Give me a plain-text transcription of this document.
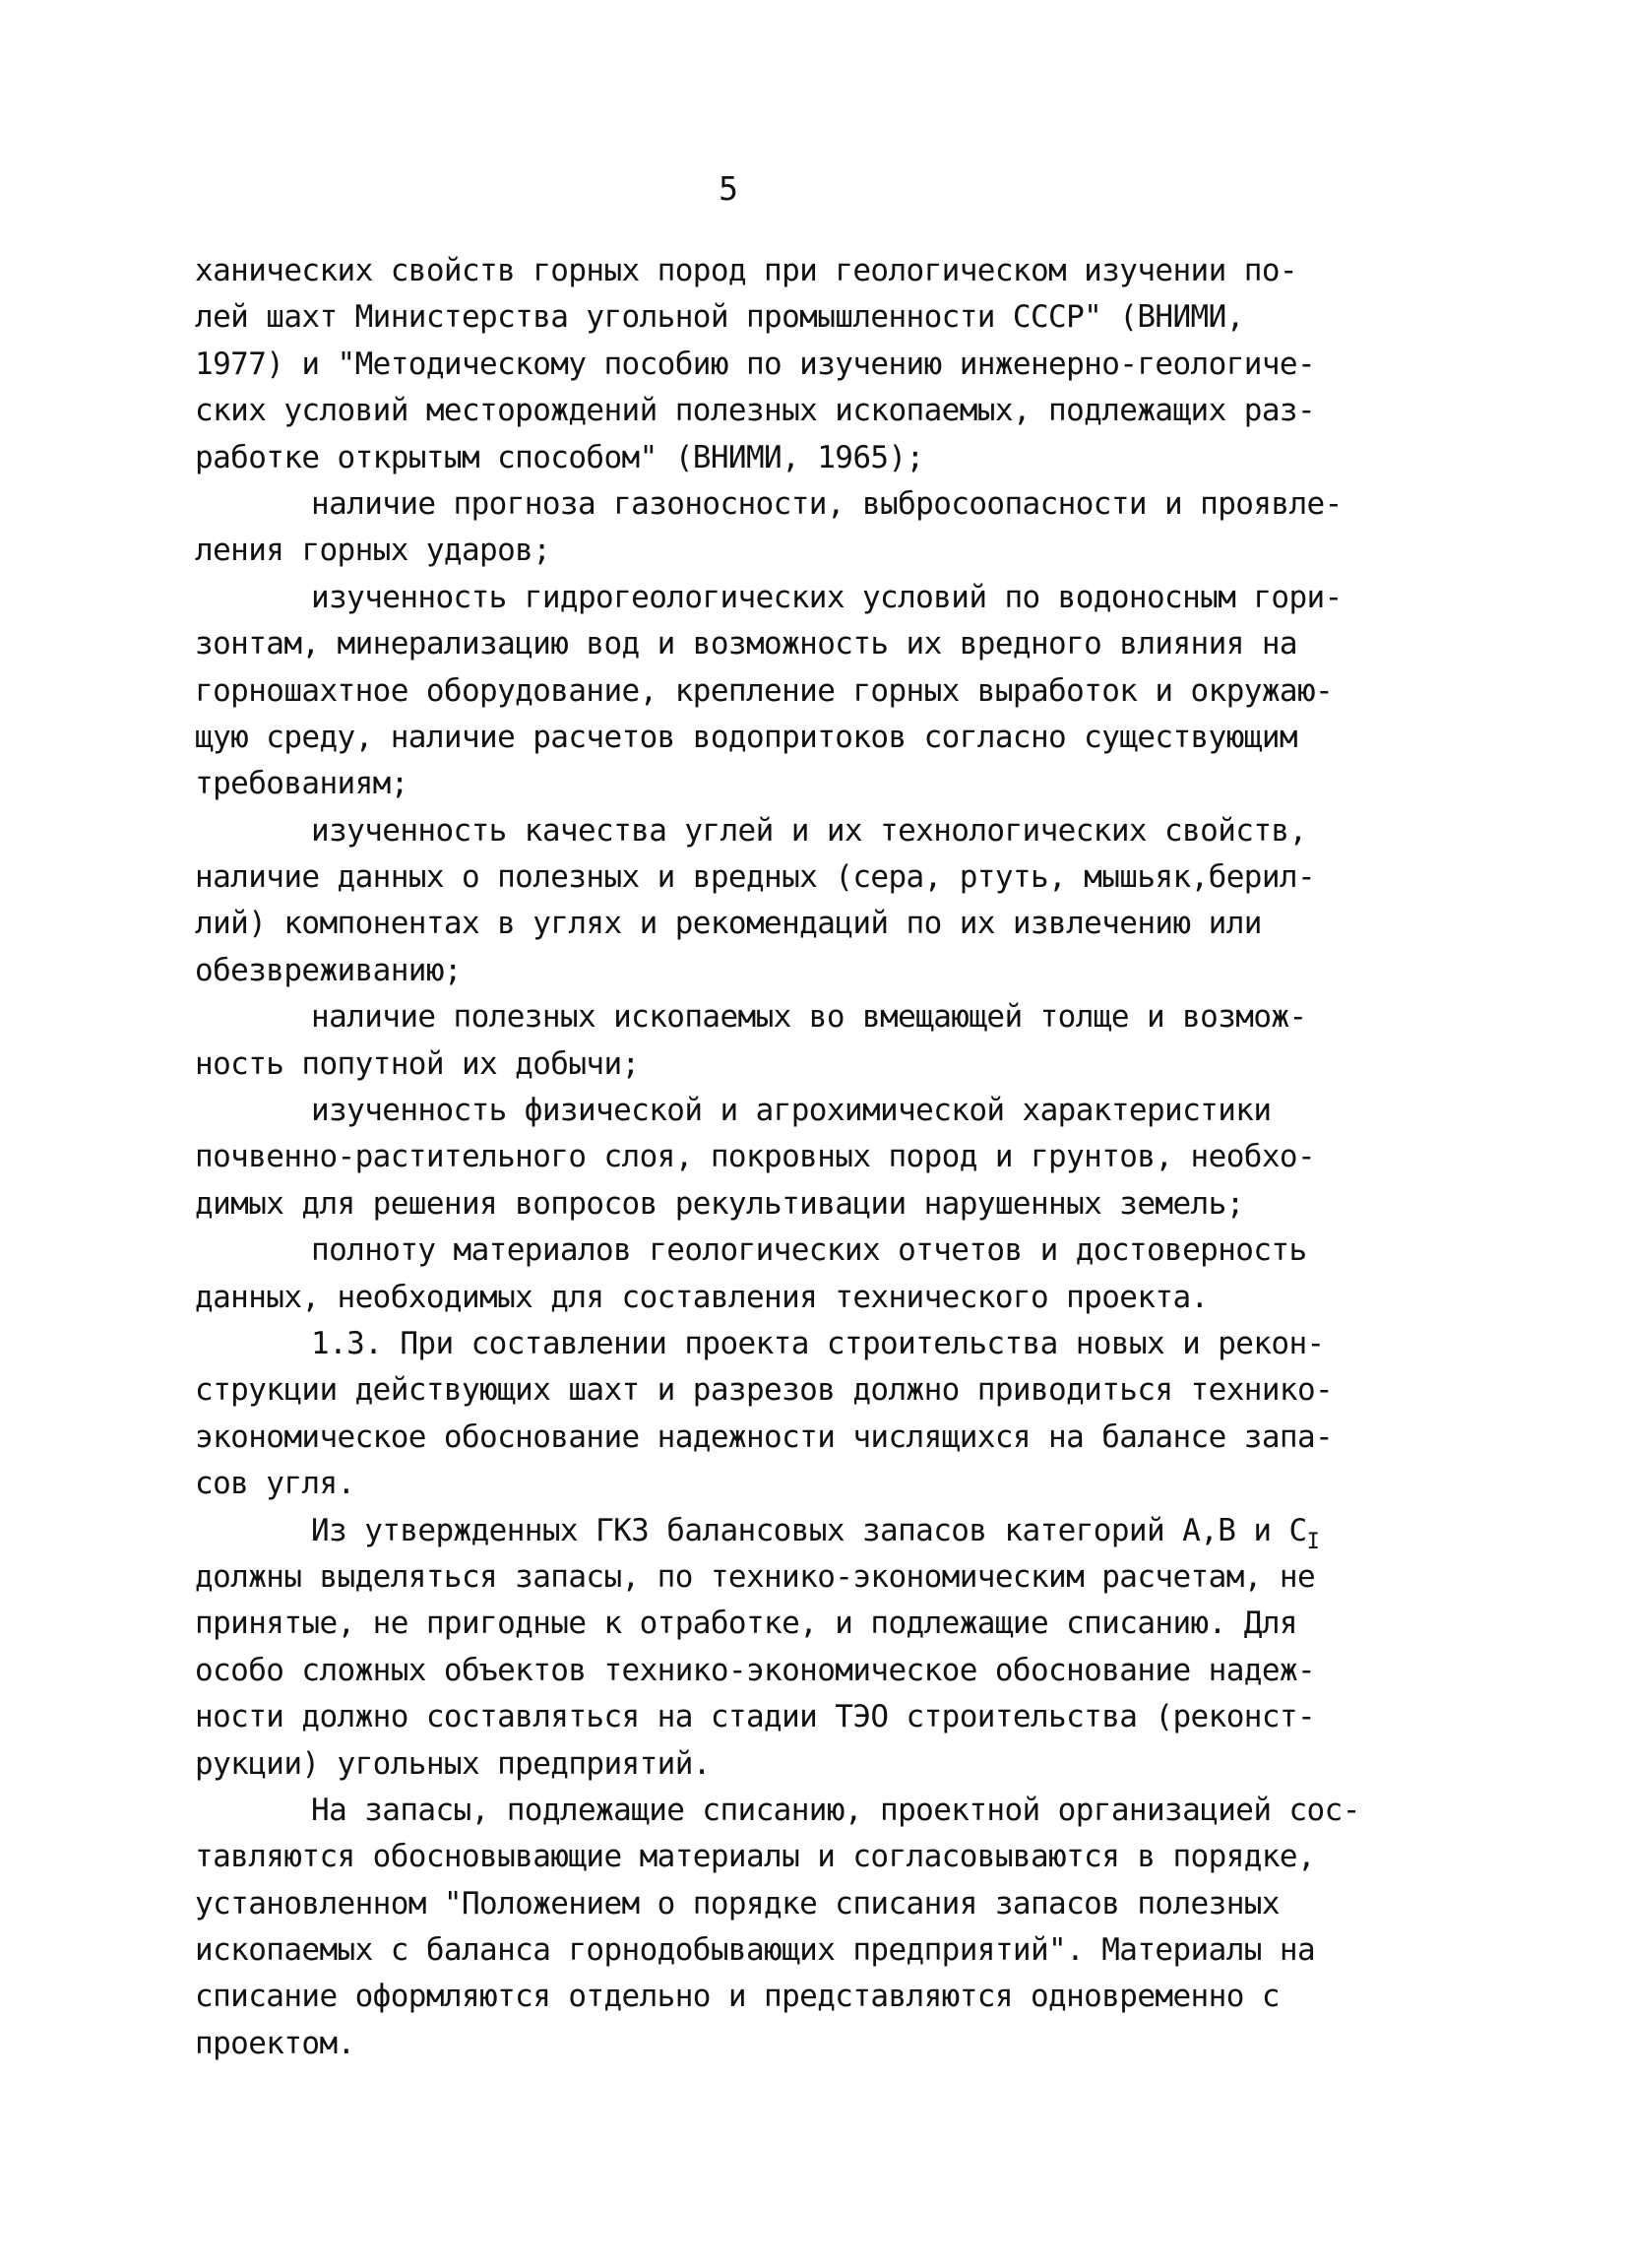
5
ханических свойств горных пород при геологическом изучении по-
лей шахт Министерства угольной промышленности СССР" (ВНИМИ,
1977) и "Методическому пособию по изучению инженерно-геологиче-
ских условий месторождений полезных ископаемых, подлежащих раз-
работке открытым способом" (ВНИМИ, 1965);
наличие прогноза газоносности, выбросоопасности и проявле-
ления горных ударов;
изученность гидрогеологических условий по водоносным гори-
зонтам, минерализацию вод и возможность их вредного влияния на
горношахтное оборудование, крепление горных выработок и окружаю-
щую среду, наличие расчетов водопритоков согласно существующим
требованиям;
изученность качества углей и их технологических свойств,
наличие данных о полезных и вредных (сера, ртуть, мышьяк,берил-
лий) компонентах в углях и рекомендаций по их извлечению или
обезвреживанию;
наличие полезных ископаемых во вмещающей толще и возмож-
ность попутной их добычи;
изученность физической и агрохимической характеристики
почвенно-растительного слоя, покровных пород и грунтов, необхо-
димых для решения вопросов рекультивации нарушенных земель;
полноту материалов геологических отчетов и достоверность
данных, необходимых для составления технического проекта.
1.3. При составлении проекта строительства новых и рекон-
струкции действующих шахт и разрезов должно приводиться технико-
экономическое обоснование надежности числящихся на балансе запа-
сов угля.
Из утвержденных ГКЗ балансовых запасов категорий А,В и $С_I$
должны выделяться запасы, по технико-экономическим расчетам, не
принятые, не пригодные к отработке, и подлежащие списанию. Для
особо сложных объектов технико-экономическое обоснование надеж-
ности должно составляться на стадии ТЭО строительства (реконст-
рукции) угольных предприятий.
На запасы, подлежащие списанию, проектной организацией сос-
тавляются обосновывающие материалы и согласовываются в порядке,
установленном "Положением о порядке списания запасов полезных
ископаемых с баланса горнодобывающих предприятий". Материалы на
списание оформляются отдельно и представляются одновременно с
проектом.
